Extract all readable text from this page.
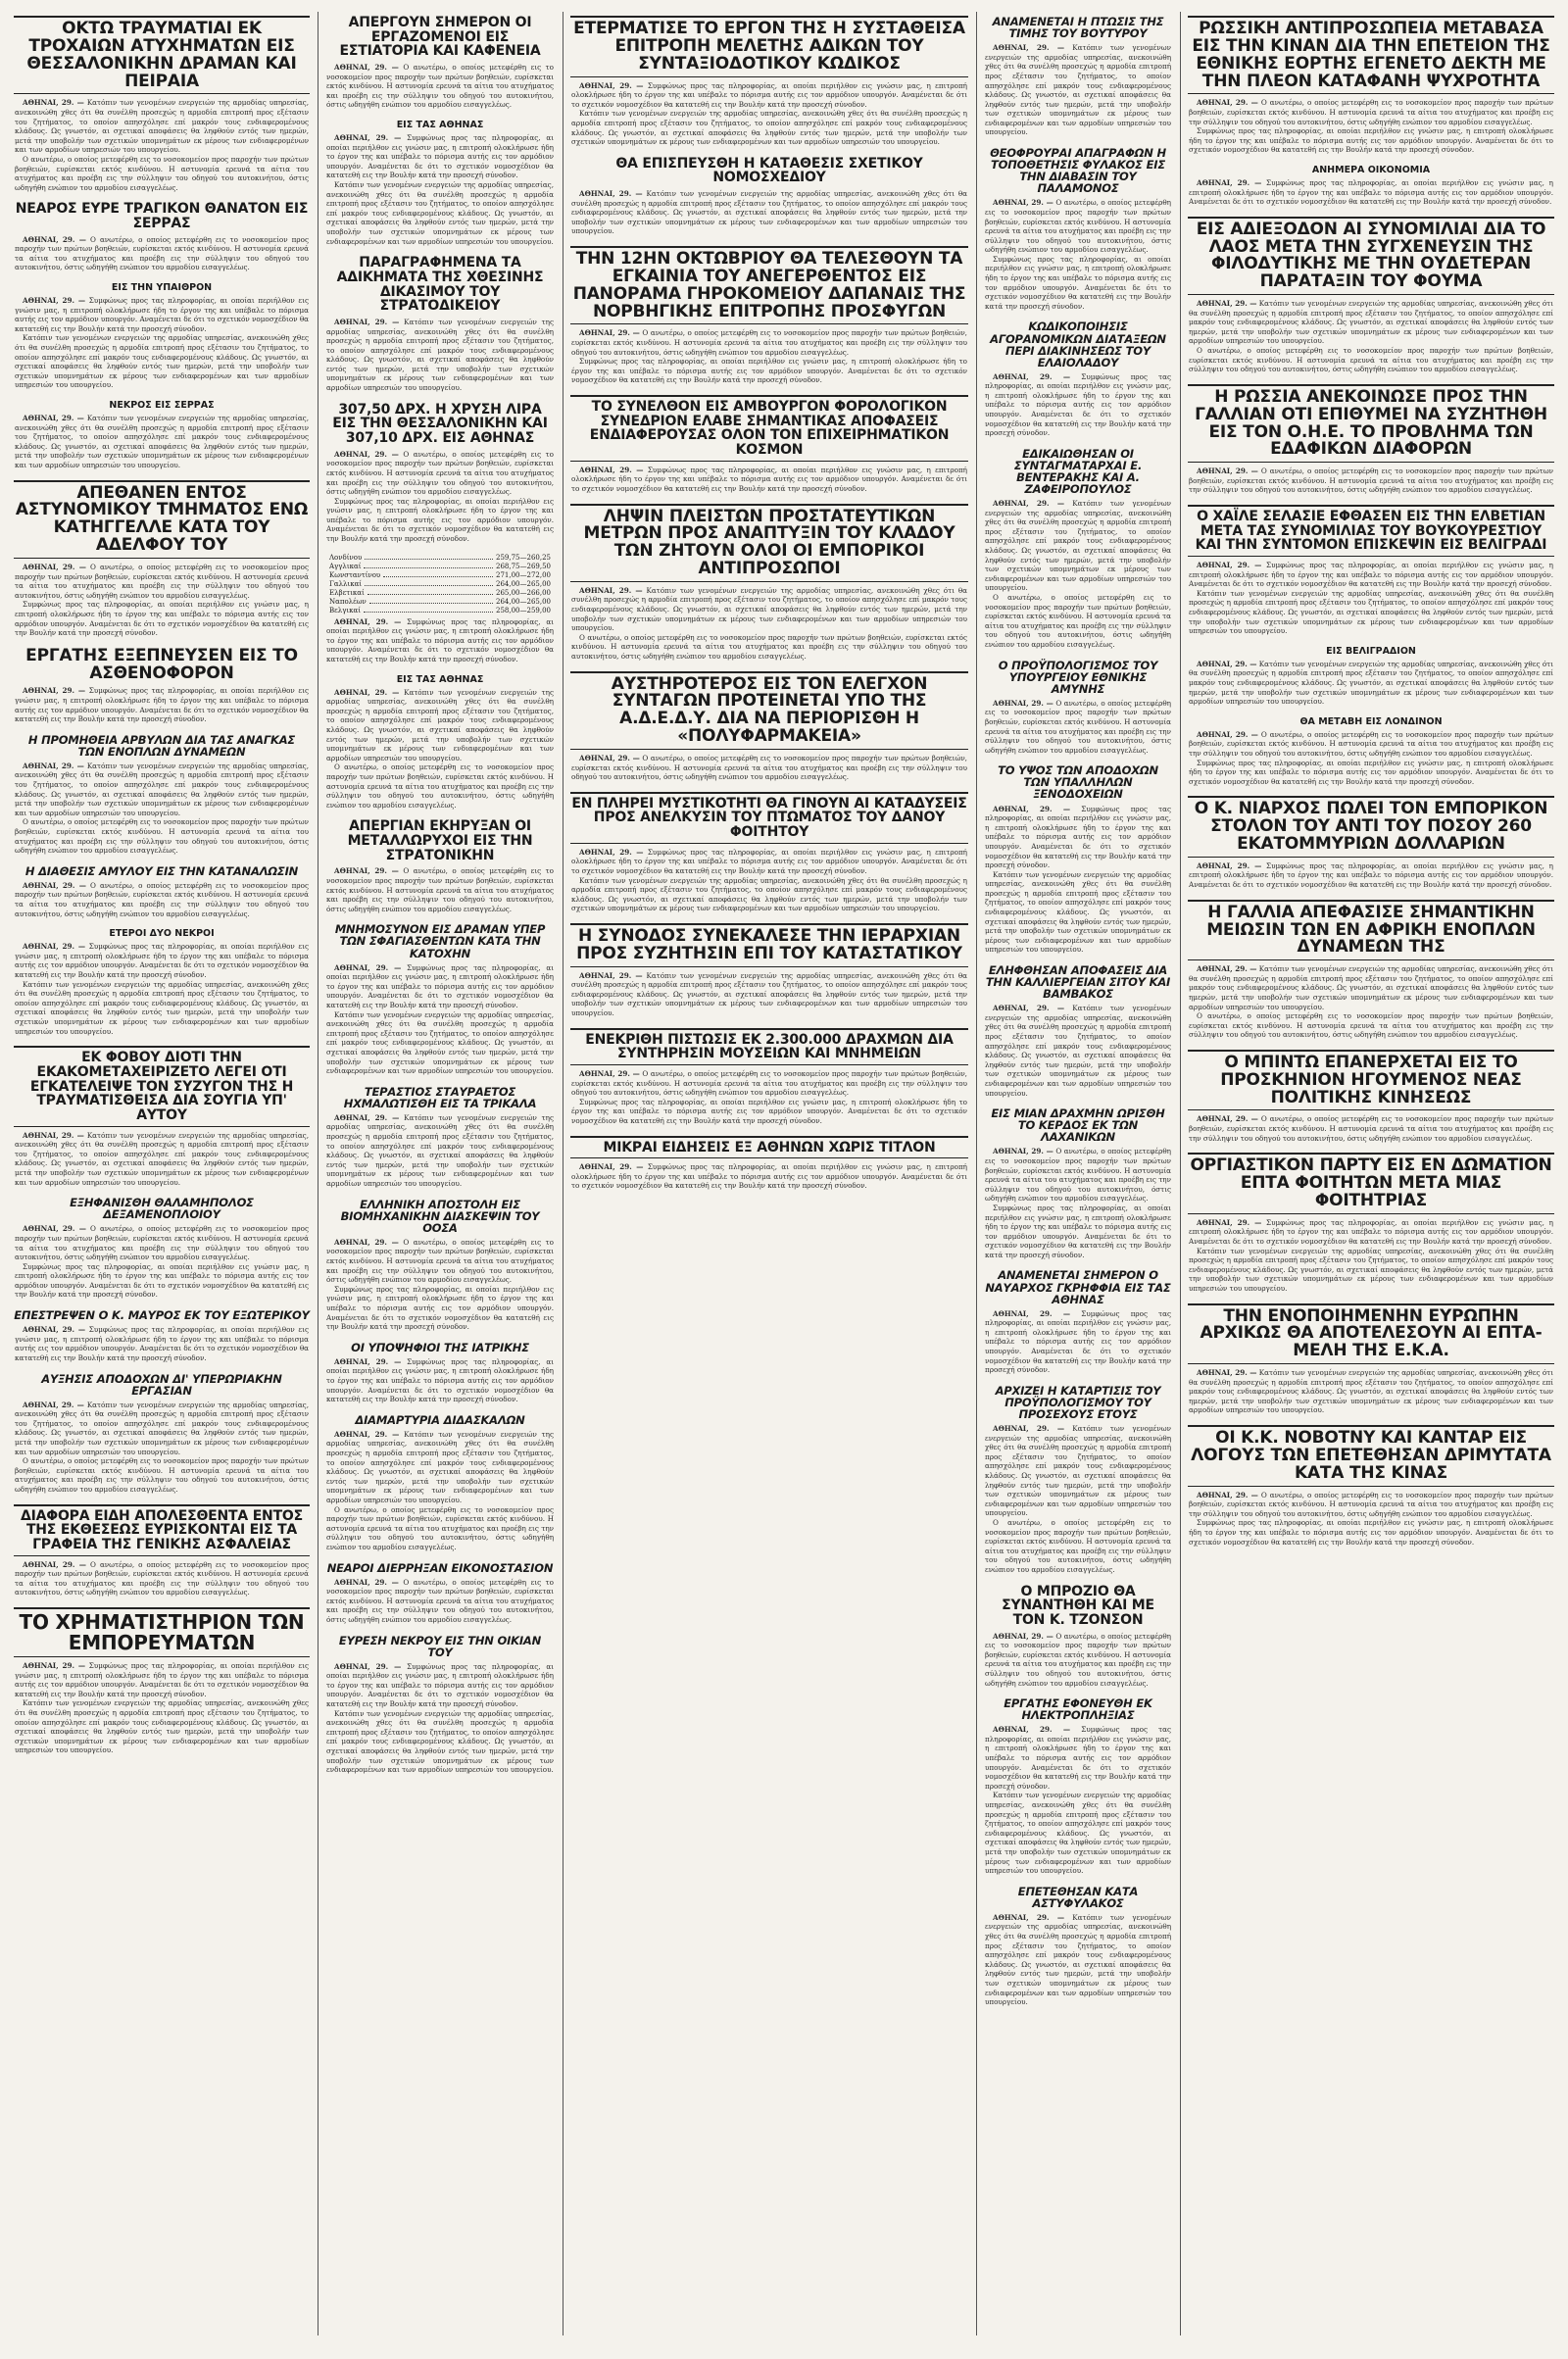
ΟΚΤΩ ΤΡΑΥΜΑΤΙΑΙ ΕΚ ΤΡΟΧΑΙΩΝ ΑΤΥΧΗΜΑΤΩΝ ΕΙΣ ΘΕΣΣΑΛΟΝΙΚΗΝ ΔΡΑΜΑΝ ΚΑΙ ΠΕΙΡΑΙΑ
ΑΘΗΝΑΙ, 29. — Κατόπιν των γενομένων ενεργειών της αρμοδίας υπηρεσίας, ανεκοινώθη χθες ότι θα συνέλθη προσεχώς η αρμοδία επιτροπή προς εξέτασιν του ζητήματος, το οποίον απησχόλησε επί μακρόν τους ενδιαφερομένους κλάδους. Ως γνωστόν, αι σχετικαί αποφάσεις θα ληφθούν εντός των ημερών, μετά την υποβολήν των σχετικών υπομνημάτων εκ μέρους των ενδιαφερομένων και των αρμοδίων υπηρεσιών του υπουργείου.
Ο ανωτέρω, ο οποίος μετεφέρθη εις το νοσοκομείον προς παροχήν των πρώτων βοηθειών, ευρίσκεται εκτός κινδύνου. Η αστυνομία ερευνά τα αίτια του ατυχήματος και προέβη εις την σύλληψιν του οδηγού του αυτοκινήτου, όστις ωδηγήθη ενώπιον του αρμοδίου εισαγγελέως.
ΝΕΑΡΟΣ ΕΥΡΕ ΤΡΑΓΙΚΟΝ ΘΑΝΑΤΟΝ ΕΙΣ ΣΕΡΡΑΣ
ΑΘΗΝΑΙ, 29. — Ο ανωτέρω, ο οποίος μετεφέρθη εις το νοσοκομείον προς παροχήν των πρώτων βοηθειών, ευρίσκεται εκτός κινδύνου. Η αστυνομία ερευνά τα αίτια του ατυχήματος και προέβη εις την σύλληψιν του οδηγού του αυτοκινήτου, όστις ωδηγήθη ενώπιον του αρμοδίου εισαγγελέως.
ΕΙΣ ΤΗΝ ΥΠΑΙΘΡΟΝ
ΑΘΗΝΑΙ, 29. — Συμφώνως προς τας πληροφορίας, αι οποίαι περιήλθον εις γνώσιν μας, η επιτροπή ολοκλήρωσε ήδη το έργον της και υπέβαλε το πόρισμα αυτής εις τον αρμόδιον υπουργόν. Αναμένεται δε ότι το σχετικόν νομοσχέδιον θα κατατεθή εις την Βουλήν κατά την προσεχή σύνοδον.
Κατόπιν των γενομένων ενεργειών της αρμοδίας υπηρεσίας, ανεκοινώθη χθες ότι θα συνέλθη προσεχώς η αρμοδία επιτροπή προς εξέτασιν του ζητήματος, το οποίον απησχόλησε επί μακρόν τους ενδιαφερομένους κλάδους. Ως γνωστόν, αι σχετικαί αποφάσεις θα ληφθούν εντός των ημερών, μετά την υποβολήν των σχετικών υπομνημάτων εκ μέρους των ενδιαφερομένων και των αρμοδίων υπηρεσιών του υπουργείου.
ΝΕΚΡΟΣ ΕΙΣ ΣΕΡΡΑΣ
ΑΘΗΝΑΙ, 29. — Κατόπιν των γενομένων ενεργειών της αρμοδίας υπηρεσίας, ανεκοινώθη χθες ότι θα συνέλθη προσεχώς η αρμοδία επιτροπή προς εξέτασιν του ζητήματος, το οποίον απησχόλησε επί μακρόν τους ενδιαφερομένους κλάδους. Ως γνωστόν, αι σχετικαί αποφάσεις θα ληφθούν εντός των ημερών, μετά την υποβολήν των σχετικών υπομνημάτων εκ μέρους των ενδιαφερομένων και των αρμοδίων υπηρεσιών του υπουργείου.
ΑΠΕΘΑΝΕΝ ΕΝΤΟΣ ΑΣΤΥΝΟΜΙΚΟΥ ΤΜΗΜΑΤΟΣ ΕΝΩ ΚΑΤΗΓΓΕΛΛΕ ΚΑΤΑ ΤΟΥ ΑΔΕΛΦΟΥ ΤΟΥ
ΑΘΗΝΑΙ, 29. — Ο ανωτέρω, ο οποίος μετεφέρθη εις το νοσοκομείον προς παροχήν των πρώτων βοηθειών, ευρίσκεται εκτός κινδύνου. Η αστυνομία ερευνά τα αίτια του ατυχήματος και προέβη εις την σύλληψιν του οδηγού του αυτοκινήτου, όστις ωδηγήθη ενώπιον του αρμοδίου εισαγγελέως.
Συμφώνως προς τας πληροφορίας, αι οποίαι περιήλθον εις γνώσιν μας, η επιτροπή ολοκλήρωσε ήδη το έργον της και υπέβαλε το πόρισμα αυτής εις τον αρμόδιον υπουργόν. Αναμένεται δε ότι το σχετικόν νομοσχέδιον θα κατατεθή εις την Βουλήν κατά την προσεχή σύνοδον.
ΕΡΓΑΤΗΣ ΕΞΕΠΝΕΥΣΕΝ ΕΙΣ ΤΟ ΑΣΘΕΝΟΦΟΡΟΝ
ΑΘΗΝΑΙ, 29. — Συμφώνως προς τας πληροφορίας, αι οποίαι περιήλθον εις γνώσιν μας, η επιτροπή ολοκλήρωσε ήδη το έργον της και υπέβαλε το πόρισμα αυτής εις τον αρμόδιον υπουργόν. Αναμένεται δε ότι το σχετικόν νομοσχέδιον θα κατατεθή εις την Βουλήν κατά την προσεχή σύνοδον.
Η ΠΡΟΜΗΘΕΙΑ ΑΡΒΥΛΩΝ ΔΙΑ ΤΑΣ ΑΝΑΓΚΑΣ ΤΩΝ ΕΝΟΠΛΩΝ ΔΥΝΑΜΕΩΝ
ΑΘΗΝΑΙ, 29. — Κατόπιν των γενομένων ενεργειών της αρμοδίας υπηρεσίας, ανεκοινώθη χθες ότι θα συνέλθη προσεχώς η αρμοδία επιτροπή προς εξέτασιν του ζητήματος, το οποίον απησχόλησε επί μακρόν τους ενδιαφερομένους κλάδους. Ως γνωστόν, αι σχετικαί αποφάσεις θα ληφθούν εντός των ημερών, μετά την υποβολήν των σχετικών υπομνημάτων εκ μέρους των ενδιαφερομένων και των αρμοδίων υπηρεσιών του υπουργείου.
Ο ανωτέρω, ο οποίος μετεφέρθη εις το νοσοκομείον προς παροχήν των πρώτων βοηθειών, ευρίσκεται εκτός κινδύνου. Η αστυνομία ερευνά τα αίτια του ατυχήματος και προέβη εις την σύλληψιν του οδηγού του αυτοκινήτου, όστις ωδηγήθη ενώπιον του αρμοδίου εισαγγελέως.
Η ΔΙΑΘΕΣΙΣ ΑΜΥΛΟΥ ΕΙΣ ΤΗΝ ΚΑΤΑΝΑΛΩΣΙΝ
ΑΘΗΝΑΙ, 29. — Ο ανωτέρω, ο οποίος μετεφέρθη εις το νοσοκομείον προς παροχήν των πρώτων βοηθειών, ευρίσκεται εκτός κινδύνου. Η αστυνομία ερευνά τα αίτια του ατυχήματος και προέβη εις την σύλληψιν του οδηγού του αυτοκινήτου, όστις ωδηγήθη ενώπιον του αρμοδίου εισαγγελέως.
ΕΤΕΡΟΙ ΔΥΟ ΝΕΚΡΟΙ
ΑΘΗΝΑΙ, 29. — Συμφώνως προς τας πληροφορίας, αι οποίαι περιήλθον εις γνώσιν μας, η επιτροπή ολοκλήρωσε ήδη το έργον της και υπέβαλε το πόρισμα αυτής εις τον αρμόδιον υπουργόν. Αναμένεται δε ότι το σχετικόν νομοσχέδιον θα κατατεθή εις την Βουλήν κατά την προσεχή σύνοδον.
Κατόπιν των γενομένων ενεργειών της αρμοδίας υπηρεσίας, ανεκοινώθη χθες ότι θα συνέλθη προσεχώς η αρμοδία επιτροπή προς εξέτασιν του ζητήματος, το οποίον απησχόλησε επί μακρόν τους ενδιαφερομένους κλάδους. Ως γνωστόν, αι σχετικαί αποφάσεις θα ληφθούν εντός των ημερών, μετά την υποβολήν των σχετικών υπομνημάτων εκ μέρους των ενδιαφερομένων και των αρμοδίων υπηρεσιών του υπουργείου.
ΕΚ ΦΟΒΟΥ ΔΙΟΤΙ ΤΗΝ ΕΚΑΚΟΜΕΤΑΧΕΙΡΙΖΕΤΟ ΛΕΓΕΙ ΟΤΙ ΕΓΚΑΤΕΛΕΙΨΕ ΤΟΝ ΣΥΖΥΓΟΝ ΤΗΣ Η ΤΡΑΥΜΑΤΙΣΘΕΙΣΑ ΔΙΑ ΣΟΥΓΙΑ ΥΠ' ΑΥΤΟΥ
ΑΘΗΝΑΙ, 29. — Κατόπιν των γενομένων ενεργειών της αρμοδίας υπηρεσίας, ανεκοινώθη χθες ότι θα συνέλθη προσεχώς η αρμοδία επιτροπή προς εξέτασιν του ζητήματος, το οποίον απησχόλησε επί μακρόν τους ενδιαφερομένους κλάδους. Ως γνωστόν, αι σχετικαί αποφάσεις θα ληφθούν εντός των ημερών, μετά την υποβολήν των σχετικών υπομνημάτων εκ μέρους των ενδιαφερομένων και των αρμοδίων υπηρεσιών του υπουργείου.
ΕΞΗΦΑΝΙΣΘΗ ΘΑΛΑΜΗΠΟΛΟΣ ΔΕΞΑΜΕΝΟΠΛΟΙΟΥ
ΑΘΗΝΑΙ, 29. — Ο ανωτέρω, ο οποίος μετεφέρθη εις το νοσοκομείον προς παροχήν των πρώτων βοηθειών, ευρίσκεται εκτός κινδύνου. Η αστυνομία ερευνά τα αίτια του ατυχήματος και προέβη εις την σύλληψιν του οδηγού του αυτοκινήτου, όστις ωδηγήθη ενώπιον του αρμοδίου εισαγγελέως.
Συμφώνως προς τας πληροφορίας, αι οποίαι περιήλθον εις γνώσιν μας, η επιτροπή ολοκλήρωσε ήδη το έργον της και υπέβαλε το πόρισμα αυτής εις τον αρμόδιον υπουργόν. Αναμένεται δε ότι το σχετικόν νομοσχέδιον θα κατατεθή εις την Βουλήν κατά την προσεχή σύνοδον.
ΕΠΕΣΤΡΕΨΕΝ Ο Κ. ΜΑΥΡΟΣ ΕΚ ΤΟΥ ΕΞΩΤΕΡΙΚΟΥ
ΑΘΗΝΑΙ, 29. — Συμφώνως προς τας πληροφορίας, αι οποίαι περιήλθον εις γνώσιν μας, η επιτροπή ολοκλήρωσε ήδη το έργον της και υπέβαλε το πόρισμα αυτής εις τον αρμόδιον υπουργόν. Αναμένεται δε ότι το σχετικόν νομοσχέδιον θα κατατεθή εις την Βουλήν κατά την προσεχή σύνοδον.
ΑΥΞΗΣΙΣ ΑΠΟΔΟΧΩΝ ΔΙ' ΥΠΕΡΩΡΙΑΚΗΝ ΕΡΓΑΣΙΑΝ
ΑΘΗΝΑΙ, 29. — Κατόπιν των γενομένων ενεργειών της αρμοδίας υπηρεσίας, ανεκοινώθη χθες ότι θα συνέλθη προσεχώς η αρμοδία επιτροπή προς εξέτασιν του ζητήματος, το οποίον απησχόλησε επί μακρόν τους ενδιαφερομένους κλάδους. Ως γνωστόν, αι σχετικαί αποφάσεις θα ληφθούν εντός των ημερών, μετά την υποβολήν των σχετικών υπομνημάτων εκ μέρους των ενδιαφερομένων και των αρμοδίων υπηρεσιών του υπουργείου.
Ο ανωτέρω, ο οποίος μετεφέρθη εις το νοσοκομείον προς παροχήν των πρώτων βοηθειών, ευρίσκεται εκτός κινδύνου. Η αστυνομία ερευνά τα αίτια του ατυχήματος και προέβη εις την σύλληψιν του οδηγού του αυτοκινήτου, όστις ωδηγήθη ενώπιον του αρμοδίου εισαγγελέως.
ΔΙΑΦΟΡΑ ΕΙΔΗ ΑΠΟΛΕΣΘΕΝΤΑ ΕΝΤΟΣ ΤΗΣ ΕΚΘΕΣΕΩΣ ΕΥΡΙΣΚΟΝΤΑΙ ΕΙΣ ΤΑ ΓΡΑΦΕΙΑ ΤΗΣ ΓΕΝΙΚΗΣ ΑΣΦΑΛΕΙΑΣ
ΑΘΗΝΑΙ, 29. — Ο ανωτέρω, ο οποίος μετεφέρθη εις το νοσοκομείον προς παροχήν των πρώτων βοηθειών, ευρίσκεται εκτός κινδύνου. Η αστυνομία ερευνά τα αίτια του ατυχήματος και προέβη εις την σύλληψιν του οδηγού του αυτοκινήτου, όστις ωδηγήθη ενώπιον του αρμοδίου εισαγγελέως.
ΤΟ ΧΡΗΜΑΤΙΣΤΗΡΙΟΝ ΤΩΝ ΕΜΠΟΡΕΥΜΑΤΩΝ
ΑΘΗΝΑΙ, 29. — Συμφώνως προς τας πληροφορίας, αι οποίαι περιήλθον εις γνώσιν μας, η επιτροπή ολοκλήρωσε ήδη το έργον της και υπέβαλε το πόρισμα αυτής εις τον αρμόδιον υπουργόν. Αναμένεται δε ότι το σχετικόν νομοσχέδιον θα κατατεθή εις την Βουλήν κατά την προσεχή σύνοδον.
Κατόπιν των γενομένων ενεργειών της αρμοδίας υπηρεσίας, ανεκοινώθη χθες ότι θα συνέλθη προσεχώς η αρμοδία επιτροπή προς εξέτασιν του ζητήματος, το οποίον απησχόλησε επί μακρόν τους ενδιαφερομένους κλάδους. Ως γνωστόν, αι σχετικαί αποφάσεις θα ληφθούν εντός των ημερών, μετά την υποβολήν των σχετικών υπομνημάτων εκ μέρους των ενδιαφερομένων και των αρμοδίων υπηρεσιών του υπουργείου.
ΑΠΕΡΓΟΥΝ ΣΗΜΕΡΟΝ ΟΙ ΕΡΓΑΖΟΜΕΝΟΙ ΕΙΣ ΕΣΤΙΑΤΟΡΙΑ ΚΑΙ ΚΑΦΕΝΕΙΑ
ΑΘΗΝΑΙ, 29. — Ο ανωτέρω, ο οποίος μετεφέρθη εις το νοσοκομείον προς παροχήν των πρώτων βοηθειών, ευρίσκεται εκτός κινδύνου. Η αστυνομία ερευνά τα αίτια του ατυχήματος και προέβη εις την σύλληψιν του οδηγού του αυτοκινήτου, όστις ωδηγήθη ενώπιον του αρμοδίου εισαγγελέως.
ΕΙΣ ΤΑΣ ΑΘΗΝΑΣ
ΑΘΗΝΑΙ, 29. — Συμφώνως προς τας πληροφορίας, αι οποίαι περιήλθον εις γνώσιν μας, η επιτροπή ολοκλήρωσε ήδη το έργον της και υπέβαλε το πόρισμα αυτής εις τον αρμόδιον υπουργόν. Αναμένεται δε ότι το σχετικόν νομοσχέδιον θα κατατεθή εις την Βουλήν κατά την προσεχή σύνοδον.
Κατόπιν των γενομένων ενεργειών της αρμοδίας υπηρεσίας, ανεκοινώθη χθες ότι θα συνέλθη προσεχώς η αρμοδία επιτροπή προς εξέτασιν του ζητήματος, το οποίον απησχόλησε επί μακρόν τους ενδιαφερομένους κλάδους. Ως γνωστόν, αι σχετικαί αποφάσεις θα ληφθούν εντός των ημερών, μετά την υποβολήν των σχετικών υπομνημάτων εκ μέρους των ενδιαφερομένων και των αρμοδίων υπηρεσιών του υπουργείου.
ΠΑΡΑΓΡΑΦΗΜΕΝΑ ΤΑ ΑΔΙΚΗΜΑΤΑ ΤΗΣ ΧΘΕΣΙΝΗΣ ΔΙΚΑΣΙΜΟΥ ΤΟΥ ΣΤΡΑΤΟΔΙΚΕΙΟΥ
ΑΘΗΝΑΙ, 29. — Κατόπιν των γενομένων ενεργειών της αρμοδίας υπηρεσίας, ανεκοινώθη χθες ότι θα συνέλθη προσεχώς η αρμοδία επιτροπή προς εξέτασιν του ζητήματος, το οποίον απησχόλησε επί μακρόν τους ενδιαφερομένους κλάδους. Ως γνωστόν, αι σχετικαί αποφάσεις θα ληφθούν εντός των ημερών, μετά την υποβολήν των σχετικών υπομνημάτων εκ μέρους των ενδιαφερομένων και των αρμοδίων υπηρεσιών του υπουργείου.
307,50 ΔΡΧ. Η ΧΡΥΣΗ ΛΙΡΑ ΕΙΣ ΤΗΝ ΘΕΣΣΑΛΟΝΙΚΗΝ ΚΑΙ 307,10 ΔΡΧ. ΕΙΣ ΑΘΗΝΑΣ
ΑΘΗΝΑΙ, 29. — Ο ανωτέρω, ο οποίος μετεφέρθη εις το νοσοκομείον προς παροχήν των πρώτων βοηθειών, ευρίσκεται εκτός κινδύνου. Η αστυνομία ερευνά τα αίτια του ατυχήματος και προέβη εις την σύλληψιν του οδηγού του αυτοκινήτου, όστις ωδηγήθη ενώπιον του αρμοδίου εισαγγελέως.
Συμφώνως προς τας πληροφορίας, αι οποίαι περιήλθον εις γνώσιν μας, η επιτροπή ολοκλήρωσε ήδη το έργον της και υπέβαλε το πόρισμα αυτής εις τον αρμόδιον υπουργόν. Αναμένεται δε ότι το σχετικόν νομοσχέδιον θα κατατεθή εις την Βουλήν κατά την προσεχή σύνοδον.
Λονδίνου	259,75—260,25
Αγγλικαί	268,75—269,50
Κωνσταντίνου	271,00—272,00
Γαλλικαί	264,00—265,00
Ελβετικαί	265,00—266,00
Ναπολέων	264,00—265,00
Βελγικαί	258,00—259,00
ΑΘΗΝΑΙ, 29. — Συμφώνως προς τας πληροφορίας, αι οποίαι περιήλθον εις γνώσιν μας, η επιτροπή ολοκλήρωσε ήδη το έργον της και υπέβαλε το πόρισμα αυτής εις τον αρμόδιον υπουργόν. Αναμένεται δε ότι το σχετικόν νομοσχέδιον θα κατατεθή εις την Βουλήν κατά την προσεχή σύνοδον.
ΕΙΣ ΤΑΣ ΑΘΗΝΑΣ
ΑΘΗΝΑΙ, 29. — Κατόπιν των γενομένων ενεργειών της αρμοδίας υπηρεσίας, ανεκοινώθη χθες ότι θα συνέλθη προσεχώς η αρμοδία επιτροπή προς εξέτασιν του ζητήματος, το οποίον απησχόλησε επί μακρόν τους ενδιαφερομένους κλάδους. Ως γνωστόν, αι σχετικαί αποφάσεις θα ληφθούν εντός των ημερών, μετά την υποβολήν των σχετικών υπομνημάτων εκ μέρους των ενδιαφερομένων και των αρμοδίων υπηρεσιών του υπουργείου.
Ο ανωτέρω, ο οποίος μετεφέρθη εις το νοσοκομείον προς παροχήν των πρώτων βοηθειών, ευρίσκεται εκτός κινδύνου. Η αστυνομία ερευνά τα αίτια του ατυχήματος και προέβη εις την σύλληψιν του οδηγού του αυτοκινήτου, όστις ωδηγήθη ενώπιον του αρμοδίου εισαγγελέως.
ΑΠΕΡΓΙΑΝ ΕΚΗΡΥΞΑΝ ΟΙ ΜΕΤΑΛΛΩΡΥΧΟΙ ΕΙΣ ΤΗΝ ΣΤΡΑΤΟΝΙΚΗΝ
ΑΘΗΝΑΙ, 29. — Ο ανωτέρω, ο οποίος μετεφέρθη εις το νοσοκομείον προς παροχήν των πρώτων βοηθειών, ευρίσκεται εκτός κινδύνου. Η αστυνομία ερευνά τα αίτια του ατυχήματος και προέβη εις την σύλληψιν του οδηγού του αυτοκινήτου, όστις ωδηγήθη ενώπιον του αρμοδίου εισαγγελέως.
ΜΝΗΜΟΣΥΝΟΝ ΕΙΣ ΔΡΑΜΑΝ ΥΠΕΡ ΤΩΝ ΣΦΑΓΙΑΣΘΕΝΤΩΝ ΚΑΤΑ ΤΗΝ ΚΑΤΟΧΗΝ
ΑΘΗΝΑΙ, 29. — Συμφώνως προς τας πληροφορίας, αι οποίαι περιήλθον εις γνώσιν μας, η επιτροπή ολοκλήρωσε ήδη το έργον της και υπέβαλε το πόρισμα αυτής εις τον αρμόδιον υπουργόν. Αναμένεται δε ότι το σχετικόν νομοσχέδιον θα κατατεθή εις την Βουλήν κατά την προσεχή σύνοδον.
Κατόπιν των γενομένων ενεργειών της αρμοδίας υπηρεσίας, ανεκοινώθη χθες ότι θα συνέλθη προσεχώς η αρμοδία επιτροπή προς εξέτασιν του ζητήματος, το οποίον απησχόλησε επί μακρόν τους ενδιαφερομένους κλάδους. Ως γνωστόν, αι σχετικαί αποφάσεις θα ληφθούν εντός των ημερών, μετά την υποβολήν των σχετικών υπομνημάτων εκ μέρους των ενδιαφερομένων και των αρμοδίων υπηρεσιών του υπουργείου.
ΤΕΡΑΣΤΙΟΣ ΣΤΑΥΡΑΕΤΟΣ ΗΧΜΑΛΩΤΙΣΘΗ ΕΙΣ ΤΑ ΤΡΙΚΑΛΑ
ΑΘΗΝΑΙ, 29. — Κατόπιν των γενομένων ενεργειών της αρμοδίας υπηρεσίας, ανεκοινώθη χθες ότι θα συνέλθη προσεχώς η αρμοδία επιτροπή προς εξέτασιν του ζητήματος, το οποίον απησχόλησε επί μακρόν τους ενδιαφερομένους κλάδους. Ως γνωστόν, αι σχετικαί αποφάσεις θα ληφθούν εντός των ημερών, μετά την υποβολήν των σχετικών υπομνημάτων εκ μέρους των ενδιαφερομένων και των αρμοδίων υπηρεσιών του υπουργείου.
ΕΛΛΗΝΙΚΗ ΑΠΟΣΤΟΛΗ ΕΙΣ ΒΙΟΜΗΧΑΝΙΚΗΝ ΔΙΑΣΚΕΨΙΝ ΤΟΥ ΟΟΣΑ
ΑΘΗΝΑΙ, 29. — Ο ανωτέρω, ο οποίος μετεφέρθη εις το νοσοκομείον προς παροχήν των πρώτων βοηθειών, ευρίσκεται εκτός κινδύνου. Η αστυνομία ερευνά τα αίτια του ατυχήματος και προέβη εις την σύλληψιν του οδηγού του αυτοκινήτου, όστις ωδηγήθη ενώπιον του αρμοδίου εισαγγελέως.
Συμφώνως προς τας πληροφορίας, αι οποίαι περιήλθον εις γνώσιν μας, η επιτροπή ολοκλήρωσε ήδη το έργον της και υπέβαλε το πόρισμα αυτής εις τον αρμόδιον υπουργόν. Αναμένεται δε ότι το σχετικόν νομοσχέδιον θα κατατεθή εις την Βουλήν κατά την προσεχή σύνοδον.
ΟΙ ΥΠΟΨΗΦΙΟΙ ΤΗΣ ΙΑΤΡΙΚΗΣ
ΑΘΗΝΑΙ, 29. — Συμφώνως προς τας πληροφορίας, αι οποίαι περιήλθον εις γνώσιν μας, η επιτροπή ολοκλήρωσε ήδη το έργον της και υπέβαλε το πόρισμα αυτής εις τον αρμόδιον υπουργόν. Αναμένεται δε ότι το σχετικόν νομοσχέδιον θα κατατεθή εις την Βουλήν κατά την προσεχή σύνοδον.
ΔΙΑΜΑΡΤΥΡΙΑ ΔΙΔΑΣΚΑΛΩΝ
ΑΘΗΝΑΙ, 29. — Κατόπιν των γενομένων ενεργειών της αρμοδίας υπηρεσίας, ανεκοινώθη χθες ότι θα συνέλθη προσεχώς η αρμοδία επιτροπή προς εξέτασιν του ζητήματος, το οποίον απησχόλησε επί μακρόν τους ενδιαφερομένους κλάδους. Ως γνωστόν, αι σχετικαί αποφάσεις θα ληφθούν εντός των ημερών, μετά την υποβολήν των σχετικών υπομνημάτων εκ μέρους των ενδιαφερομένων και των αρμοδίων υπηρεσιών του υπουργείου.
Ο ανωτέρω, ο οποίος μετεφέρθη εις το νοσοκομείον προς παροχήν των πρώτων βοηθειών, ευρίσκεται εκτός κινδύνου. Η αστυνομία ερευνά τα αίτια του ατυχήματος και προέβη εις την σύλληψιν του οδηγού του αυτοκινήτου, όστις ωδηγήθη ενώπιον του αρμοδίου εισαγγελέως.
ΝΕΑΡΟΙ ΔΙΕΡΡΗΞΑΝ ΕΙΚΟΝΟΣΤΑΣΙΟΝ
ΑΘΗΝΑΙ, 29. — Ο ανωτέρω, ο οποίος μετεφέρθη εις το νοσοκομείον προς παροχήν των πρώτων βοηθειών, ευρίσκεται εκτός κινδύνου. Η αστυνομία ερευνά τα αίτια του ατυχήματος και προέβη εις την σύλληψιν του οδηγού του αυτοκινήτου, όστις ωδηγήθη ενώπιον του αρμοδίου εισαγγελέως.
ΕΥΡΕΣΗ ΝΕΚΡΟΥ ΕΙΣ ΤΗΝ ΟΙΚΙΑΝ ΤΟΥ
ΑΘΗΝΑΙ, 29. — Συμφώνως προς τας πληροφορίας, αι οποίαι περιήλθον εις γνώσιν μας, η επιτροπή ολοκλήρωσε ήδη το έργον της και υπέβαλε το πόρισμα αυτής εις τον αρμόδιον υπουργόν. Αναμένεται δε ότι το σχετικόν νομοσχέδιον θα κατατεθή εις την Βουλήν κατά την προσεχή σύνοδον.
Κατόπιν των γενομένων ενεργειών της αρμοδίας υπηρεσίας, ανεκοινώθη χθες ότι θα συνέλθη προσεχώς η αρμοδία επιτροπή προς εξέτασιν του ζητήματος, το οποίον απησχόλησε επί μακρόν τους ενδιαφερομένους κλάδους. Ως γνωστόν, αι σχετικαί αποφάσεις θα ληφθούν εντός των ημερών, μετά την υποβολήν των σχετικών υπομνημάτων εκ μέρους των ενδιαφερομένων και των αρμοδίων υπηρεσιών του υπουργείου.
ΕΤΕΡΜΑΤΙΣΕ ΤΟ ΕΡΓΟΝ ΤΗΣ Η ΣΥΣΤΑΘΕΙΣΑ ΕΠΙΤΡΟΠΗ ΜΕΛΕΤΗΣ ΑΔΙΚΩΝ ΤΟΥ ΣΥΝΤΑΞΙΟΔΟΤΙΚΟΥ ΚΩΔΙΚΟΣ
ΑΘΗΝΑΙ, 29. — Συμφώνως προς τας πληροφορίας, αι οποίαι περιήλθον εις γνώσιν μας, η επιτροπή ολοκλήρωσε ήδη το έργον της και υπέβαλε το πόρισμα αυτής εις τον αρμόδιον υπουργόν. Αναμένεται δε ότι το σχετικόν νομοσχέδιον θα κατατεθή εις την Βουλήν κατά την προσεχή σύνοδον.
Κατόπιν των γενομένων ενεργειών της αρμοδίας υπηρεσίας, ανεκοινώθη χθες ότι θα συνέλθη προσεχώς η αρμοδία επιτροπή προς εξέτασιν του ζητήματος, το οποίον απησχόλησε επί μακρόν τους ενδιαφερομένους κλάδους. Ως γνωστόν, αι σχετικαί αποφάσεις θα ληφθούν εντός των ημερών, μετά την υποβολήν των σχετικών υπομνημάτων εκ μέρους των ενδιαφερομένων και των αρμοδίων υπηρεσιών του υπουργείου.
ΘΑ ΕΠΙΣΠΕΥΣΘΗ Η ΚΑΤΑΘΕΣΙΣ ΣΧΕΤΙΚΟΥ ΝΟΜΟΣΧΕΔΙΟΥ
ΑΘΗΝΑΙ, 29. — Κατόπιν των γενομένων ενεργειών της αρμοδίας υπηρεσίας, ανεκοινώθη χθες ότι θα συνέλθη προσεχώς η αρμοδία επιτροπή προς εξέτασιν του ζητήματος, το οποίον απησχόλησε επί μακρόν τους ενδιαφερομένους κλάδους. Ως γνωστόν, αι σχετικαί αποφάσεις θα ληφθούν εντός των ημερών, μετά την υποβολήν των σχετικών υπομνημάτων εκ μέρους των ενδιαφερομένων και των αρμοδίων υπηρεσιών του υπουργείου.
ΤΗΝ 12ΗΝ ΟΚΤΩΒΡΙΟΥ ΘΑ ΤΕΛΕΣΘΟΥΝ ΤΑ ΕΓΚΑΙΝΙΑ ΤΟΥ ΑΝΕΓΕΡΘΕΝΤΟΣ ΕΙΣ ΠΑΝΟΡΑΜΑ ΓΗΡΟΚΟΜΕΙΟΥ ΔΑΠΑΝΑΙΣ ΤΗΣ ΝΟΡΒΗΓΙΚΗΣ ΕΠΙΤΡΟΠΗΣ ΠΡΟΣΦΥΓΩΝ
ΑΘΗΝΑΙ, 29. — Ο ανωτέρω, ο οποίος μετεφέρθη εις το νοσοκομείον προς παροχήν των πρώτων βοηθειών, ευρίσκεται εκτός κινδύνου. Η αστυνομία ερευνά τα αίτια του ατυχήματος και προέβη εις την σύλληψιν του οδηγού του αυτοκινήτου, όστις ωδηγήθη ενώπιον του αρμοδίου εισαγγελέως.
Συμφώνως προς τας πληροφορίας, αι οποίαι περιήλθον εις γνώσιν μας, η επιτροπή ολοκλήρωσε ήδη το έργον της και υπέβαλε το πόρισμα αυτής εις τον αρμόδιον υπουργόν. Αναμένεται δε ότι το σχετικόν νομοσχέδιον θα κατατεθή εις την Βουλήν κατά την προσεχή σύνοδον.
ΤΟ ΣΥΝΕΛΘΟΝ ΕΙΣ ΑΜΒΟΥΡΓΟΝ ΦΟΡΟΛΟΓΙΚΟΝ ΣΥΝΕΔΡΙΟΝ ΕΛΑΒΕ ΣΗΜΑΝΤΙΚΑΣ ΑΠΟΦΑΣΕΙΣ ΕΝΔΙΑΦΕΡΟΥΣΑΣ ΟΛΟΝ ΤΟΝ ΕΠΙΧΕΙΡΗΜΑΤΙΚΟΝ ΚΟΣΜΟΝ
ΑΘΗΝΑΙ, 29. — Συμφώνως προς τας πληροφορίας, αι οποίαι περιήλθον εις γνώσιν μας, η επιτροπή ολοκλήρωσε ήδη το έργον της και υπέβαλε το πόρισμα αυτής εις τον αρμόδιον υπουργόν. Αναμένεται δε ότι το σχετικόν νομοσχέδιον θα κατατεθή εις την Βουλήν κατά την προσεχή σύνοδον.
ΛΗΨΙΝ ΠΛΕΙΣΤΩΝ ΠΡΟΣΤΑΤΕΥΤΙΚΩΝ ΜΕΤΡΩΝ ΠΡΟΣ ΑΝΑΠΤΥΞΙΝ ΤΟΥ ΚΛΑΔΟΥ ΤΩΝ ΖΗΤΟΥΝ ΟΛΟΙ ΟΙ ΕΜΠΟΡΙΚΟΙ ΑΝΤΙΠΡΟΣΩΠΟΙ
ΑΘΗΝΑΙ, 29. — Κατόπιν των γενομένων ενεργειών της αρμοδίας υπηρεσίας, ανεκοινώθη χθες ότι θα συνέλθη προσεχώς η αρμοδία επιτροπή προς εξέτασιν του ζητήματος, το οποίον απησχόλησε επί μακρόν τους ενδιαφερομένους κλάδους. Ως γνωστόν, αι σχετικαί αποφάσεις θα ληφθούν εντός των ημερών, μετά την υποβολήν των σχετικών υπομνημάτων εκ μέρους των ενδιαφερομένων και των αρμοδίων υπηρεσιών του υπουργείου.
Ο ανωτέρω, ο οποίος μετεφέρθη εις το νοσοκομείον προς παροχήν των πρώτων βοηθειών, ευρίσκεται εκτός κινδύνου. Η αστυνομία ερευνά τα αίτια του ατυχήματος και προέβη εις την σύλληψιν του οδηγού του αυτοκινήτου, όστις ωδηγήθη ενώπιον του αρμοδίου εισαγγελέως.
ΑΥΣΤΗΡΟΤΕΡΟΣ ΕΙΣ ΤΟΝ ΕΛΕΓΧΟΝ ΣΥΝΤΑΓΩΝ ΠΡΟΤΕΙΝΕΤΑΙ ΥΠΟ ΤΗΣ Α.Δ.Ε.Δ.Υ. ΔΙΑ ΝΑ ΠΕΡΙΟΡΙΣΘΗ Η «ΠΟΛΥΦΑΡΜΑΚΕΙΑ»
ΑΘΗΝΑΙ, 29. — Ο ανωτέρω, ο οποίος μετεφέρθη εις το νοσοκομείον προς παροχήν των πρώτων βοηθειών, ευρίσκεται εκτός κινδύνου. Η αστυνομία ερευνά τα αίτια του ατυχήματος και προέβη εις την σύλληψιν του οδηγού του αυτοκινήτου, όστις ωδηγήθη ενώπιον του αρμοδίου εισαγγελέως.
ΕΝ ΠΛΗΡΕΙ ΜΥΣΤΙΚΟΤΗΤΙ ΘΑ ΓΙΝΟΥΝ ΑΙ ΚΑΤΑΔΥΣΕΙΣ ΠΡΟΣ ΑΝΕΛΚΥΣΙΝ ΤΟΥ ΠΤΩΜΑΤΟΣ ΤΟΥ ΔΑΝΟΥ ΦΟΙΤΗΤΟΥ
ΑΘΗΝΑΙ, 29. — Συμφώνως προς τας πληροφορίας, αι οποίαι περιήλθον εις γνώσιν μας, η επιτροπή ολοκλήρωσε ήδη το έργον της και υπέβαλε το πόρισμα αυτής εις τον αρμόδιον υπουργόν. Αναμένεται δε ότι το σχετικόν νομοσχέδιον θα κατατεθή εις την Βουλήν κατά την προσεχή σύνοδον.
Κατόπιν των γενομένων ενεργειών της αρμοδίας υπηρεσίας, ανεκοινώθη χθες ότι θα συνέλθη προσεχώς η αρμοδία επιτροπή προς εξέτασιν του ζητήματος, το οποίον απησχόλησε επί μακρόν τους ενδιαφερομένους κλάδους. Ως γνωστόν, αι σχετικαί αποφάσεις θα ληφθούν εντός των ημερών, μετά την υποβολήν των σχετικών υπομνημάτων εκ μέρους των ενδιαφερομένων και των αρμοδίων υπηρεσιών του υπουργείου.
Η ΣΥΝΟΔΟΣ ΣΥΝΕΚΑΛΕΣΕ ΤΗΝ ΙΕΡΑΡΧΙΑΝ ΠΡΟΣ ΣΥΖΗΤΗΣΙΝ ΕΠΙ ΤΟΥ ΚΑΤΑΣΤΑΤΙΚΟΥ
ΑΘΗΝΑΙ, 29. — Κατόπιν των γενομένων ενεργειών της αρμοδίας υπηρεσίας, ανεκοινώθη χθες ότι θα συνέλθη προσεχώς η αρμοδία επιτροπή προς εξέτασιν του ζητήματος, το οποίον απησχόλησε επί μακρόν τους ενδιαφερομένους κλάδους. Ως γνωστόν, αι σχετικαί αποφάσεις θα ληφθούν εντός των ημερών, μετά την υποβολήν των σχετικών υπομνημάτων εκ μέρους των ενδιαφερομένων και των αρμοδίων υπηρεσιών του υπουργείου.
ΕΝΕΚΡΙΘΗ ΠΙΣΤΩΣΙΣ ΕΚ 2.300.000 ΔΡΑΧΜΩΝ ΔΙΑ ΣΥΝΤΗΡΗΣΙΝ ΜΟΥΣΕΙΩΝ ΚΑΙ ΜΝΗΜΕΙΩΝ
ΑΘΗΝΑΙ, 29. — Ο ανωτέρω, ο οποίος μετεφέρθη εις το νοσοκομείον προς παροχήν των πρώτων βοηθειών, ευρίσκεται εκτός κινδύνου. Η αστυνομία ερευνά τα αίτια του ατυχήματος και προέβη εις την σύλληψιν του οδηγού του αυτοκινήτου, όστις ωδηγήθη ενώπιον του αρμοδίου εισαγγελέως.
Συμφώνως προς τας πληροφορίας, αι οποίαι περιήλθον εις γνώσιν μας, η επιτροπή ολοκλήρωσε ήδη το έργον της και υπέβαλε το πόρισμα αυτής εις τον αρμόδιον υπουργόν. Αναμένεται δε ότι το σχετικόν νομοσχέδιον θα κατατεθή εις την Βουλήν κατά την προσεχή σύνοδον.
ΜΙΚΡΑΙ ΕΙΔΗΣΕΙΣ ΕΞ ΑΘΗΝΩΝ ΧΩΡΙΣ ΤΙΤΛΟΝ
ΑΘΗΝΑΙ, 29. — Συμφώνως προς τας πληροφορίας, αι οποίαι περιήλθον εις γνώσιν μας, η επιτροπή ολοκλήρωσε ήδη το έργον της και υπέβαλε το πόρισμα αυτής εις τον αρμόδιον υπουργόν. Αναμένεται δε ότι το σχετικόν νομοσχέδιον θα κατατεθή εις την Βουλήν κατά την προσεχή σύνοδον.
ΑΝΑΜΕΝΕΤΑΙ Η ΠΤΩΣΙΣ ΤΗΣ ΤΙΜΗΣ ΤΟΥ ΒΟΥΤΥΡΟΥ
ΑΘΗΝΑΙ, 29. — Κατόπιν των γενομένων ενεργειών της αρμοδίας υπηρεσίας, ανεκοινώθη χθες ότι θα συνέλθη προσεχώς η αρμοδία επιτροπή προς εξέτασιν του ζητήματος, το οποίον απησχόλησε επί μακρόν τους ενδιαφερομένους κλάδους. Ως γνωστόν, αι σχετικαί αποφάσεις θα ληφθούν εντός των ημερών, μετά την υποβολήν των σχετικών υπομνημάτων εκ μέρους των ενδιαφερομένων και των αρμοδίων υπηρεσιών του υπουργείου.
ΘΕΟΦΡΟΥΡΑΙ ΑΠΑΓΡΑΦΩΝ Η ΤΟΠΟΘΕΤΗΣΙΣ ΦΥΛΑΚΟΣ ΕΙΣ ΤΗΝ ΔΙΑΒΑΣΙΝ ΤΟΥ ΠΑΛΑΜΟΝΟΣ
ΑΘΗΝΑΙ, 29. — Ο ανωτέρω, ο οποίος μετεφέρθη εις το νοσοκομείον προς παροχήν των πρώτων βοηθειών, ευρίσκεται εκτός κινδύνου. Η αστυνομία ερευνά τα αίτια του ατυχήματος και προέβη εις την σύλληψιν του οδηγού του αυτοκινήτου, όστις ωδηγήθη ενώπιον του αρμοδίου εισαγγελέως.
Συμφώνως προς τας πληροφορίας, αι οποίαι περιήλθον εις γνώσιν μας, η επιτροπή ολοκλήρωσε ήδη το έργον της και υπέβαλε το πόρισμα αυτής εις τον αρμόδιον υπουργόν. Αναμένεται δε ότι το σχετικόν νομοσχέδιον θα κατατεθή εις την Βουλήν κατά την προσεχή σύνοδον.
ΚΩΔΙΚΟΠΟΙΗΣΙΣ ΑΓΟΡΑΝΟΜΙΚΩΝ ΔΙΑΤΑΞΕΩΝ ΠΕΡΙ ΔΙΑΚΙΝΗΣΕΩΣ ΤΟΥ ΕΛΑΙΟΛΑΔΟΥ
ΑΘΗΝΑΙ, 29. — Συμφώνως προς τας πληροφορίας, αι οποίαι περιήλθον εις γνώσιν μας, η επιτροπή ολοκλήρωσε ήδη το έργον της και υπέβαλε το πόρισμα αυτής εις τον αρμόδιον υπουργόν. Αναμένεται δε ότι το σχετικόν νομοσχέδιον θα κατατεθή εις την Βουλήν κατά την προσεχή σύνοδον.
ΕΔΙΚΑΙΩΘΗΣΑΝ ΟΙ ΣΥΝΤΑΓΜΑΤΑΡΧΑΙ Ε. ΒΕΝΤΕΡΑΚΗΣ ΚΑΙ Α. ΖΑΦΕΙΡΟΠΟΥΛΟΣ
ΑΘΗΝΑΙ, 29. — Κατόπιν των γενομένων ενεργειών της αρμοδίας υπηρεσίας, ανεκοινώθη χθες ότι θα συνέλθη προσεχώς η αρμοδία επιτροπή προς εξέτασιν του ζητήματος, το οποίον απησχόλησε επί μακρόν τους ενδιαφερομένους κλάδους. Ως γνωστόν, αι σχετικαί αποφάσεις θα ληφθούν εντός των ημερών, μετά την υποβολήν των σχετικών υπομνημάτων εκ μέρους των ενδιαφερομένων και των αρμοδίων υπηρεσιών του υπουργείου.
Ο ανωτέρω, ο οποίος μετεφέρθη εις το νοσοκομείον προς παροχήν των πρώτων βοηθειών, ευρίσκεται εκτός κινδύνου. Η αστυνομία ερευνά τα αίτια του ατυχήματος και προέβη εις την σύλληψιν του οδηγού του αυτοκινήτου, όστις ωδηγήθη ενώπιον του αρμοδίου εισαγγελέως.
Ο ΠΡΟΫΠΟΛΟΓΙΣΜΟΣ ΤΟΥ ΥΠΟΥΡΓΕΙΟΥ ΕΘΝΙΚΗΣ ΑΜΥΝΗΣ
ΑΘΗΝΑΙ, 29. — Ο ανωτέρω, ο οποίος μετεφέρθη εις το νοσοκομείον προς παροχήν των πρώτων βοηθειών, ευρίσκεται εκτός κινδύνου. Η αστυνομία ερευνά τα αίτια του ατυχήματος και προέβη εις την σύλληψιν του οδηγού του αυτοκινήτου, όστις ωδηγήθη ενώπιον του αρμοδίου εισαγγελέως.
ΤΟ ΥΨΟΣ ΤΩΝ ΑΠΟΔΟΧΩΝ ΤΩΝ ΥΠΑΛΛΗΛΩΝ ΞΕΝΟΔΟΧΕΙΩΝ
ΑΘΗΝΑΙ, 29. — Συμφώνως προς τας πληροφορίας, αι οποίαι περιήλθον εις γνώσιν μας, η επιτροπή ολοκλήρωσε ήδη το έργον της και υπέβαλε το πόρισμα αυτής εις τον αρμόδιον υπουργόν. Αναμένεται δε ότι το σχετικόν νομοσχέδιον θα κατατεθή εις την Βουλήν κατά την προσεχή σύνοδον.
Κατόπιν των γενομένων ενεργειών της αρμοδίας υπηρεσίας, ανεκοινώθη χθες ότι θα συνέλθη προσεχώς η αρμοδία επιτροπή προς εξέτασιν του ζητήματος, το οποίον απησχόλησε επί μακρόν τους ενδιαφερομένους κλάδους. Ως γνωστόν, αι σχετικαί αποφάσεις θα ληφθούν εντός των ημερών, μετά την υποβολήν των σχετικών υπομνημάτων εκ μέρους των ενδιαφερομένων και των αρμοδίων υπηρεσιών του υπουργείου.
ΕΛΗΦΘΗΣΑΝ ΑΠΟΦΑΣΕΙΣ ΔΙΑ ΤΗΝ ΚΑΛΛΙΕΡΓΕΙΑΝ ΣΙΤΟΥ ΚΑΙ ΒΑΜΒΑΚΟΣ
ΑΘΗΝΑΙ, 29. — Κατόπιν των γενομένων ενεργειών της αρμοδίας υπηρεσίας, ανεκοινώθη χθες ότι θα συνέλθη προσεχώς η αρμοδία επιτροπή προς εξέτασιν του ζητήματος, το οποίον απησχόλησε επί μακρόν τους ενδιαφερομένους κλάδους. Ως γνωστόν, αι σχετικαί αποφάσεις θα ληφθούν εντός των ημερών, μετά την υποβολήν των σχετικών υπομνημάτων εκ μέρους των ενδιαφερομένων και των αρμοδίων υπηρεσιών του υπουργείου.
ΕΙΣ ΜΙΑΝ ΔΡΑΧΜΗΝ ΩΡΙΣΘΗ ΤΟ ΚΕΡΔΟΣ ΕΚ ΤΩΝ ΛΑΧΑΝΙΚΩΝ
ΑΘΗΝΑΙ, 29. — Ο ανωτέρω, ο οποίος μετεφέρθη εις το νοσοκομείον προς παροχήν των πρώτων βοηθειών, ευρίσκεται εκτός κινδύνου. Η αστυνομία ερευνά τα αίτια του ατυχήματος και προέβη εις την σύλληψιν του οδηγού του αυτοκινήτου, όστις ωδηγήθη ενώπιον του αρμοδίου εισαγγελέως.
Συμφώνως προς τας πληροφορίας, αι οποίαι περιήλθον εις γνώσιν μας, η επιτροπή ολοκλήρωσε ήδη το έργον της και υπέβαλε το πόρισμα αυτής εις τον αρμόδιον υπουργόν. Αναμένεται δε ότι το σχετικόν νομοσχέδιον θα κατατεθή εις την Βουλήν κατά την προσεχή σύνοδον.
ΑΝΑΜΕΝΕΤΑΙ ΣΗΜΕΡΟΝ Ο ΝΑΥΑΡΧΟΣ ΓΚΡΗΦΦΙΑ ΕΙΣ ΤΑΣ ΑΘΗΝΑΣ
ΑΘΗΝΑΙ, 29. — Συμφώνως προς τας πληροφορίας, αι οποίαι περιήλθον εις γνώσιν μας, η επιτροπή ολοκλήρωσε ήδη το έργον της και υπέβαλε το πόρισμα αυτής εις τον αρμόδιον υπουργόν. Αναμένεται δε ότι το σχετικόν νομοσχέδιον θα κατατεθή εις την Βουλήν κατά την προσεχή σύνοδον.
ΑΡΧΙΖΕΙ Η ΚΑΤΑΡΤΙΣΙΣ ΤΟΥ ΠΡΟΫΠΟΛΟΓΙΣΜΟΥ ΤΟΥ ΠΡΟΣΕΧΟΥΣ ΕΤΟΥΣ
ΑΘΗΝΑΙ, 29. — Κατόπιν των γενομένων ενεργειών της αρμοδίας υπηρεσίας, ανεκοινώθη χθες ότι θα συνέλθη προσεχώς η αρμοδία επιτροπή προς εξέτασιν του ζητήματος, το οποίον απησχόλησε επί μακρόν τους ενδιαφερομένους κλάδους. Ως γνωστόν, αι σχετικαί αποφάσεις θα ληφθούν εντός των ημερών, μετά την υποβολήν των σχετικών υπομνημάτων εκ μέρους των ενδιαφερομένων και των αρμοδίων υπηρεσιών του υπουργείου.
Ο ανωτέρω, ο οποίος μετεφέρθη εις το νοσοκομείον προς παροχήν των πρώτων βοηθειών, ευρίσκεται εκτός κινδύνου. Η αστυνομία ερευνά τα αίτια του ατυχήματος και προέβη εις την σύλληψιν του οδηγού του αυτοκινήτου, όστις ωδηγήθη ενώπιον του αρμοδίου εισαγγελέως.
Ο ΜΠΡΟΖΙΟ ΘΑ ΣΥΝΑΝΤΗΘΗ ΚΑΙ ΜΕ ΤΟΝ Κ. ΤΖΟΝΣΟΝ
ΑΘΗΝΑΙ, 29. — Ο ανωτέρω, ο οποίος μετεφέρθη εις το νοσοκομείον προς παροχήν των πρώτων βοηθειών, ευρίσκεται εκτός κινδύνου. Η αστυνομία ερευνά τα αίτια του ατυχήματος και προέβη εις την σύλληψιν του οδηγού του αυτοκινήτου, όστις ωδηγήθη ενώπιον του αρμοδίου εισαγγελέως.
ΕΡΓΑΤΗΣ ΕΦΟΝΕΥΘΗ ΕΚ ΗΛΕΚΤΡΟΠΛΗΞΙΑΣ
ΑΘΗΝΑΙ, 29. — Συμφώνως προς τας πληροφορίας, αι οποίαι περιήλθον εις γνώσιν μας, η επιτροπή ολοκλήρωσε ήδη το έργον της και υπέβαλε το πόρισμα αυτής εις τον αρμόδιον υπουργόν. Αναμένεται δε ότι το σχετικόν νομοσχέδιον θα κατατεθή εις την Βουλήν κατά την προσεχή σύνοδον.
Κατόπιν των γενομένων ενεργειών της αρμοδίας υπηρεσίας, ανεκοινώθη χθες ότι θα συνέλθη προσεχώς η αρμοδία επιτροπή προς εξέτασιν του ζητήματος, το οποίον απησχόλησε επί μακρόν τους ενδιαφερομένους κλάδους. Ως γνωστόν, αι σχετικαί αποφάσεις θα ληφθούν εντός των ημερών, μετά την υποβολήν των σχετικών υπομνημάτων εκ μέρους των ενδιαφερομένων και των αρμοδίων υπηρεσιών του υπουργείου.
ΕΠΕΤΕΘΗΣΑΝ ΚΑΤΑ ΑΣΤΥΦΥΛΑΚΟΣ
ΑΘΗΝΑΙ, 29. — Κατόπιν των γενομένων ενεργειών της αρμοδίας υπηρεσίας, ανεκοινώθη χθες ότι θα συνέλθη προσεχώς η αρμοδία επιτροπή προς εξέτασιν του ζητήματος, το οποίον απησχόλησε επί μακρόν τους ενδιαφερομένους κλάδους. Ως γνωστόν, αι σχετικαί αποφάσεις θα ληφθούν εντός των ημερών, μετά την υποβολήν των σχετικών υπομνημάτων εκ μέρους των ενδιαφερομένων και των αρμοδίων υπηρεσιών του υπουργείου.
ΡΩΣΣΙΚΗ ΑΝΤΙΠΡΟΣΩΠΕΙΑ ΜΕΤΑΒΑΣΑ ΕΙΣ ΤΗΝ ΚΙΝΑΝ ΔΙΑ ΤΗΝ ΕΠΕΤΕΙΟΝ ΤΗΣ ΕΘΝΙΚΗΣ ΕΟΡΤΗΣ ΕΓΕΝΕΤΟ ΔΕΚΤΗ ΜΕ ΤΗΝ ΠΛΕΟΝ ΚΑΤΑΦΑΝΗ ΨΥΧΡΟΤΗΤΑ
ΑΘΗΝΑΙ, 29. — Ο ανωτέρω, ο οποίος μετεφέρθη εις το νοσοκομείον προς παροχήν των πρώτων βοηθειών, ευρίσκεται εκτός κινδύνου. Η αστυνομία ερευνά τα αίτια του ατυχήματος και προέβη εις την σύλληψιν του οδηγού του αυτοκινήτου, όστις ωδηγήθη ενώπιον του αρμοδίου εισαγγελέως.
Συμφώνως προς τας πληροφορίας, αι οποίαι περιήλθον εις γνώσιν μας, η επιτροπή ολοκλήρωσε ήδη το έργον της και υπέβαλε το πόρισμα αυτής εις τον αρμόδιον υπουργόν. Αναμένεται δε ότι το σχετικόν νομοσχέδιον θα κατατεθή εις την Βουλήν κατά την προσεχή σύνοδον.
ΑΝΗΜΕΡΑ ΟΙΚΟΝΟΜΙΑ
ΑΘΗΝΑΙ, 29. — Συμφώνως προς τας πληροφορίας, αι οποίαι περιήλθον εις γνώσιν μας, η επιτροπή ολοκλήρωσε ήδη το έργον της και υπέβαλε το πόρισμα αυτής εις τον αρμόδιον υπουργόν. Αναμένεται δε ότι το σχετικόν νομοσχέδιον θα κατατεθή εις την Βουλήν κατά την προσεχή σύνοδον.
ΕΙΣ ΑΔΙΕΞΟΔΟΝ ΑΙ ΣΥΝΟΜΙΛΙΑΙ ΔΙΑ ΤΟ ΛΑΟΣ ΜΕΤΑ ΤΗΝ ΣΥΓΧΕΝΕΥΣΙΝ ΤΗΣ ΦΙΛΟΔΥΤΙΚΗΣ ΜΕ ΤΗΝ ΟΥΔΕΤΕΡΑΝ ΠΑΡΑΤΑΞΙΝ ΤΟΥ ΦΟΥΜΑ
ΑΘΗΝΑΙ, 29. — Κατόπιν των γενομένων ενεργειών της αρμοδίας υπηρεσίας, ανεκοινώθη χθες ότι θα συνέλθη προσεχώς η αρμοδία επιτροπή προς εξέτασιν του ζητήματος, το οποίον απησχόλησε επί μακρόν τους ενδιαφερομένους κλάδους. Ως γνωστόν, αι σχετικαί αποφάσεις θα ληφθούν εντός των ημερών, μετά την υποβολήν των σχετικών υπομνημάτων εκ μέρους των ενδιαφερομένων και των αρμοδίων υπηρεσιών του υπουργείου.
Ο ανωτέρω, ο οποίος μετεφέρθη εις το νοσοκομείον προς παροχήν των πρώτων βοηθειών, ευρίσκεται εκτός κινδύνου. Η αστυνομία ερευνά τα αίτια του ατυχήματος και προέβη εις την σύλληψιν του οδηγού του αυτοκινήτου, όστις ωδηγήθη ενώπιον του αρμοδίου εισαγγελέως.
Η ΡΩΣΣΙΑ ΑΝΕΚΟΙΝΩΣΕ ΠΡΟΣ ΤΗΝ ΓΑΛΛΙΑΝ ΟΤΙ ΕΠΙΘΥΜΕΙ ΝΑ ΣΥΖΗΤΗΘΗ ΕΙΣ ΤΟΝ Ο.Η.Ε. ΤΟ ΠΡΟΒΛΗΜΑ ΤΩΝ ΕΔΑΦΙΚΩΝ ΔΙΑΦΟΡΩΝ
ΑΘΗΝΑΙ, 29. — Ο ανωτέρω, ο οποίος μετεφέρθη εις το νοσοκομείον προς παροχήν των πρώτων βοηθειών, ευρίσκεται εκτός κινδύνου. Η αστυνομία ερευνά τα αίτια του ατυχήματος και προέβη εις την σύλληψιν του οδηγού του αυτοκινήτου, όστις ωδηγήθη ενώπιον του αρμοδίου εισαγγελέως.
Ο ΧΑΪΛΕ ΣΕΛΑΣΙΕ ΕΦΘΑΣΕΝ ΕΙΣ ΤΗΝ ΕΛΒΕΤΙΑΝ ΜΕΤΑ ΤΑΣ ΣΥΝΟΜΙΛΙΑΣ ΤΟΥ ΒΟΥΚΟΥΡΕΣΤΙΟΥ ΚΑΙ ΤΗΝ ΣΥΝΤΟΜΟΝ ΕΠΙΣΚΕΨΙΝ ΕΙΣ ΒΕΛΙΓΡΑΔΙ
ΑΘΗΝΑΙ, 29. — Συμφώνως προς τας πληροφορίας, αι οποίαι περιήλθον εις γνώσιν μας, η επιτροπή ολοκλήρωσε ήδη το έργον της και υπέβαλε το πόρισμα αυτής εις τον αρμόδιον υπουργόν. Αναμένεται δε ότι το σχετικόν νομοσχέδιον θα κατατεθή εις την Βουλήν κατά την προσεχή σύνοδον.
Κατόπιν των γενομένων ενεργειών της αρμοδίας υπηρεσίας, ανεκοινώθη χθες ότι θα συνέλθη προσεχώς η αρμοδία επιτροπή προς εξέτασιν του ζητήματος, το οποίον απησχόλησε επί μακρόν τους ενδιαφερομένους κλάδους. Ως γνωστόν, αι σχετικαί αποφάσεις θα ληφθούν εντός των ημερών, μετά την υποβολήν των σχετικών υπομνημάτων εκ μέρους των ενδιαφερομένων και των αρμοδίων υπηρεσιών του υπουργείου.
ΕΙΣ ΒΕΛΙΓΡΑΔΙΟΝ
ΑΘΗΝΑΙ, 29. — Κατόπιν των γενομένων ενεργειών της αρμοδίας υπηρεσίας, ανεκοινώθη χθες ότι θα συνέλθη προσεχώς η αρμοδία επιτροπή προς εξέτασιν του ζητήματος, το οποίον απησχόλησε επί μακρόν τους ενδιαφερομένους κλάδους. Ως γνωστόν, αι σχετικαί αποφάσεις θα ληφθούν εντός των ημερών, μετά την υποβολήν των σχετικών υπομνημάτων εκ μέρους των ενδιαφερομένων και των αρμοδίων υπηρεσιών του υπουργείου.
ΘΑ ΜΕΤΑΒΗ ΕΙΣ ΛΟΝΔΙΝΟΝ
ΑΘΗΝΑΙ, 29. — Ο ανωτέρω, ο οποίος μετεφέρθη εις το νοσοκομείον προς παροχήν των πρώτων βοηθειών, ευρίσκεται εκτός κινδύνου. Η αστυνομία ερευνά τα αίτια του ατυχήματος και προέβη εις την σύλληψιν του οδηγού του αυτοκινήτου, όστις ωδηγήθη ενώπιον του αρμοδίου εισαγγελέως.
Συμφώνως προς τας πληροφορίας, αι οποίαι περιήλθον εις γνώσιν μας, η επιτροπή ολοκλήρωσε ήδη το έργον της και υπέβαλε το πόρισμα αυτής εις τον αρμόδιον υπουργόν. Αναμένεται δε ότι το σχετικόν νομοσχέδιον θα κατατεθή εις την Βουλήν κατά την προσεχή σύνοδον.
Ο Κ. ΝΙΑΡΧΟΣ ΠΩΛΕΙ ΤΟΝ ΕΜΠΟΡΙΚΟΝ ΣΤΟΛΟΝ ΤΟΥ ΑΝΤΙ ΤΟΥ ΠΟΣΟΥ 260 ΕΚΑΤΟΜΜΥΡΙΩΝ ΔΟΛΛΑΡΙΩΝ
ΑΘΗΝΑΙ, 29. — Συμφώνως προς τας πληροφορίας, αι οποίαι περιήλθον εις γνώσιν μας, η επιτροπή ολοκλήρωσε ήδη το έργον της και υπέβαλε το πόρισμα αυτής εις τον αρμόδιον υπουργόν. Αναμένεται δε ότι το σχετικόν νομοσχέδιον θα κατατεθή εις την Βουλήν κατά την προσεχή σύνοδον.
Η ΓΑΛΛΙΑ ΑΠΕΦΑΣΙΣΕ ΣΗΜΑΝΤΙΚΗΝ ΜΕΙΩΣΙΝ ΤΩΝ ΕΝ ΑΦΡΙΚΗ ΕΝΟΠΛΩΝ ΔΥΝΑΜΕΩΝ ΤΗΣ
ΑΘΗΝΑΙ, 29. — Κατόπιν των γενομένων ενεργειών της αρμοδίας υπηρεσίας, ανεκοινώθη χθες ότι θα συνέλθη προσεχώς η αρμοδία επιτροπή προς εξέτασιν του ζητήματος, το οποίον απησχόλησε επί μακρόν τους ενδιαφερομένους κλάδους. Ως γνωστόν, αι σχετικαί αποφάσεις θα ληφθούν εντός των ημερών, μετά την υποβολήν των σχετικών υπομνημάτων εκ μέρους των ενδιαφερομένων και των αρμοδίων υπηρεσιών του υπουργείου.
Ο ανωτέρω, ο οποίος μετεφέρθη εις το νοσοκομείον προς παροχήν των πρώτων βοηθειών, ευρίσκεται εκτός κινδύνου. Η αστυνομία ερευνά τα αίτια του ατυχήματος και προέβη εις την σύλληψιν του οδηγού του αυτοκινήτου, όστις ωδηγήθη ενώπιον του αρμοδίου εισαγγελέως.
Ο ΜΠΙΝΤΩ ΕΠΑΝΕΡΧΕΤΑΙ ΕΙΣ ΤΟ ΠΡΟΣΚΗΝΙΟΝ ΗΓΟΥΜΕΝΟΣ ΝΕΑΣ ΠΟΛΙΤΙΚΗΣ ΚΙΝΗΣΕΩΣ
ΑΘΗΝΑΙ, 29. — Ο ανωτέρω, ο οποίος μετεφέρθη εις το νοσοκομείον προς παροχήν των πρώτων βοηθειών, ευρίσκεται εκτός κινδύνου. Η αστυνομία ερευνά τα αίτια του ατυχήματος και προέβη εις την σύλληψιν του οδηγού του αυτοκινήτου, όστις ωδηγήθη ενώπιον του αρμοδίου εισαγγελέως.
ΟΡΓΙΑΣΤΙΚΟΝ ΠΑΡΤΥ ΕΙΣ ΕΝ ΔΩΜΑΤΙΟΝ ΕΠΤΑ ΦΟΙΤΗΤΩΝ ΜΕΤΑ ΜΙΑΣ ΦΟΙΤΗΤΡΙΑΣ
ΑΘΗΝΑΙ, 29. — Συμφώνως προς τας πληροφορίας, αι οποίαι περιήλθον εις γνώσιν μας, η επιτροπή ολοκλήρωσε ήδη το έργον της και υπέβαλε το πόρισμα αυτής εις τον αρμόδιον υπουργόν. Αναμένεται δε ότι το σχετικόν νομοσχέδιον θα κατατεθή εις την Βουλήν κατά την προσεχή σύνοδον.
Κατόπιν των γενομένων ενεργειών της αρμοδίας υπηρεσίας, ανεκοινώθη χθες ότι θα συνέλθη προσεχώς η αρμοδία επιτροπή προς εξέτασιν του ζητήματος, το οποίον απησχόλησε επί μακρόν τους ενδιαφερομένους κλάδους. Ως γνωστόν, αι σχετικαί αποφάσεις θα ληφθούν εντός των ημερών, μετά την υποβολήν των σχετικών υπομνημάτων εκ μέρους των ενδιαφερομένων και των αρμοδίων υπηρεσιών του υπουργείου.
ΤΗΝ ΕΝΟΠΟΙΗΜΕΝΗΝ ΕΥΡΩΠΗΝ ΑΡΧΙΚΩΣ ΘΑ ΑΠΟΤΕΛΕΣΟΥΝ ΑΙ ΕΠΤΑ-ΜΕΛΗ ΤΗΣ Ε.Κ.Α.
ΑΘΗΝΑΙ, 29. — Κατόπιν των γενομένων ενεργειών της αρμοδίας υπηρεσίας, ανεκοινώθη χθες ότι θα συνέλθη προσεχώς η αρμοδία επιτροπή προς εξέτασιν του ζητήματος, το οποίον απησχόλησε επί μακρόν τους ενδιαφερομένους κλάδους. Ως γνωστόν, αι σχετικαί αποφάσεις θα ληφθούν εντός των ημερών, μετά την υποβολήν των σχετικών υπομνημάτων εκ μέρους των ενδιαφερομένων και των αρμοδίων υπηρεσιών του υπουργείου.
ΟΙ Κ.Κ. ΝΟΒΟΤΝΥ ΚΑΙ ΚΑΝΤΑΡ ΕΙΣ ΛΟΓΟΥΣ ΤΩΝ ΕΠΕΤΕΘΗΣΑΝ ΔΡΙΜΥΤΑΤΑ ΚΑΤΑ ΤΗΣ ΚΙΝΑΣ
ΑΘΗΝΑΙ, 29. — Ο ανωτέρω, ο οποίος μετεφέρθη εις το νοσοκομείον προς παροχήν των πρώτων βοηθειών, ευρίσκεται εκτός κινδύνου. Η αστυνομία ερευνά τα αίτια του ατυχήματος και προέβη εις την σύλληψιν του οδηγού του αυτοκινήτου, όστις ωδηγήθη ενώπιον του αρμοδίου εισαγγελέως.
Συμφώνως προς τας πληροφορίας, αι οποίαι περιήλθον εις γνώσιν μας, η επιτροπή ολοκλήρωσε ήδη το έργον της και υπέβαλε το πόρισμα αυτής εις τον αρμόδιον υπουργόν. Αναμένεται δε ότι το σχετικόν νομοσχέδιον θα κατατεθή εις την Βουλήν κατά την προσεχή σύνοδον.
